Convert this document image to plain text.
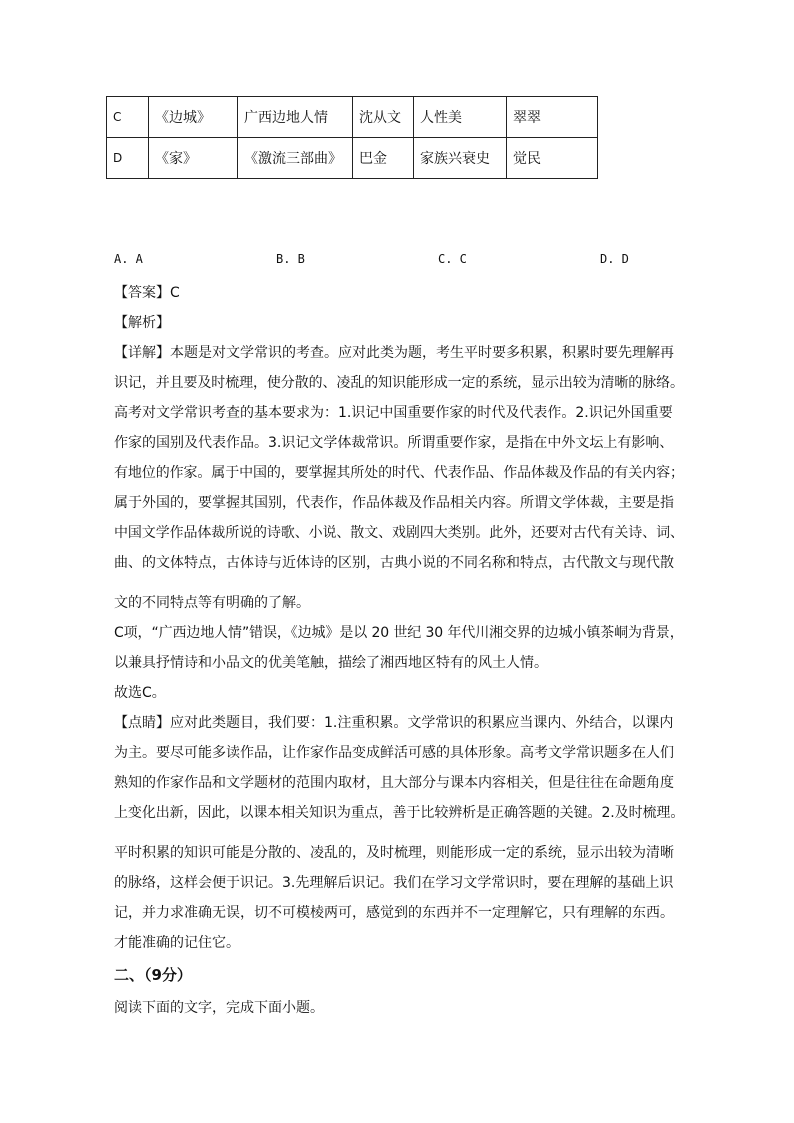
C	《边城》	广西边地人情	沈从文	人性美	翠翠
D	《家》	《激流三部曲》	巴金	家族兴衰史	觉民
A. A	B. B	C. C	D. D
【答案】C
【解析】
【详解】本题是对文学常识的考查。应对此类为题，考生平时要多积累，积累时要先理解再
识记，并且要及时梳理，使分散的、凌乱的知识能形成一定的系统，显示出较为清晰的脉络。
高考对文学常识考查的基本要求为：1.识记中国重要作家的时代及代表作。2.识记外国重要
作家的国别及代表作品。3.识记文学体裁常识。所谓重要作家，是指在中外文坛上有影响、
有地位的作家。属于中国的，要掌握其所处的时代、代表作品、作品体裁及作品的有关内容；
属于外国的，要掌握其国别，代表作，作品体裁及作品相关内容。所谓文学体裁，主要是指
中国文学作品体裁所说的诗歌、小说、散文、戏剧四大类别。此外，还要对古代有关诗、词、
曲、的文体特点，古体诗与近体诗的区别，古典小说的不同名称和特点，古代散文与现代散
文的不同特点等有明确的了解。
C项，“广西边地人情”错误，《边城》是以 20 世纪 30 年代川湘交界的边城小镇茶峒为背景，
以兼具抒情诗和小品文的优美笔触，描绘了湘西地区特有的风土人情。
故选C。
【点睛】应对此类题目，我们要：1.注重积累。文学常识的积累应当课内、外结合，以课内
为主。要尽可能多读作品，让作家作品变成鲜活可感的具体形象。高考文学常识题多在人们
熟知的作家作品和文学题材的范围内取材，且大部分与课本内容相关，但是往往在命题角度
上变化出新，因此，以课本相关知识为重点，善于比较辨析是正确答题的关键。2.及时梳理。
平时积累的知识可能是分散的、凌乱的，及时梳理，则能形成一定的系统，显示出较为清晰
的脉络，这样会便于识记。3.先理解后识记。我们在学习文学常识时，要在理解的基础上识
记，并力求准确无误，切不可模棱两可，感觉到的东西并不一定理解它，只有理解的东西。
才能准确的记住它。
二、（9分）
阅读下面的文字，完成下面小题。
